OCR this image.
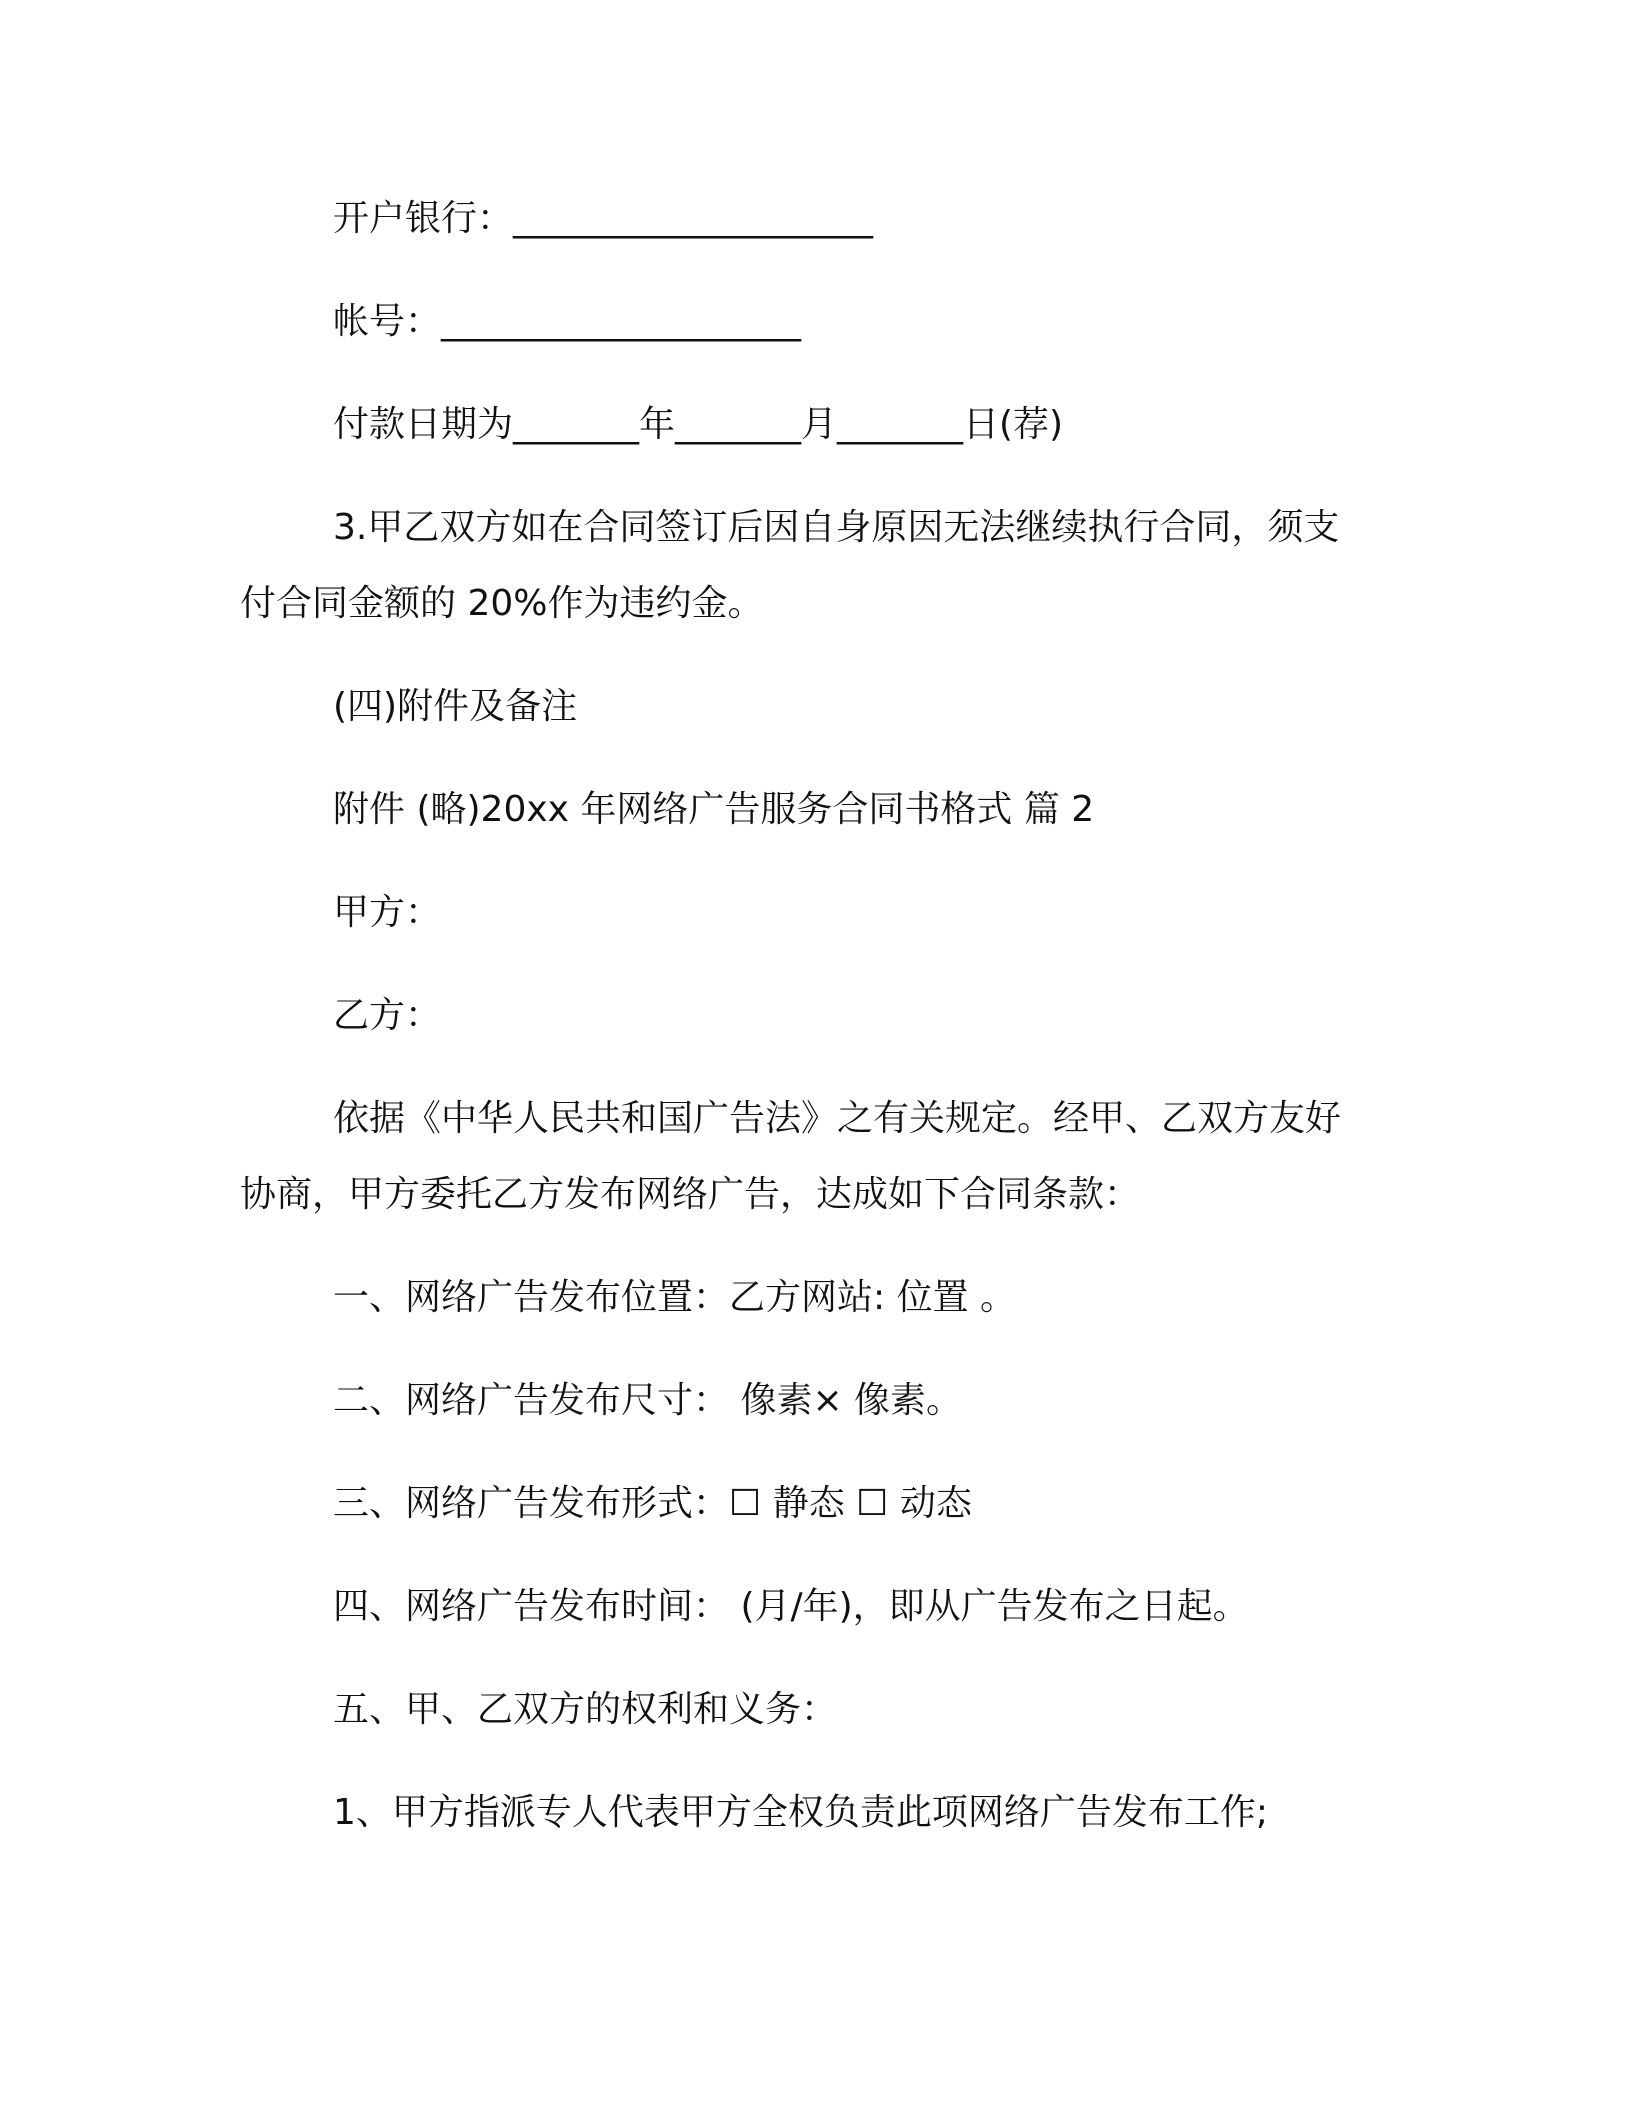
开户银行：____________________
帐号：____________________
付款日期为_______年_______月_______日(荐)
3.甲乙双方如在合同签订后因自身原因无法继续执行合同，须支
付合同金额的 20%作为违约金。
(四)附件及备注
附件 (略)20xx 年网络广告服务合同书格式 篇 2
甲方：
乙方：
依据《中华人民共和国广告法》之有关规定。经甲、乙双方友好
协商，甲方委托乙方发布网络广告，达成如下合同条款：
一、网络广告发布位置：乙方网站: 位置 。
二、网络广告发布尺寸： 像素× 像素。
三、网络广告发布形式：☐ 静态 ☐ 动态
四、网络广告发布时间： (月/年)，即从广告发布之日起。
五、甲、乙双方的权利和义务：
1、甲方指派专人代表甲方全权负责此项网络广告发布工作;
